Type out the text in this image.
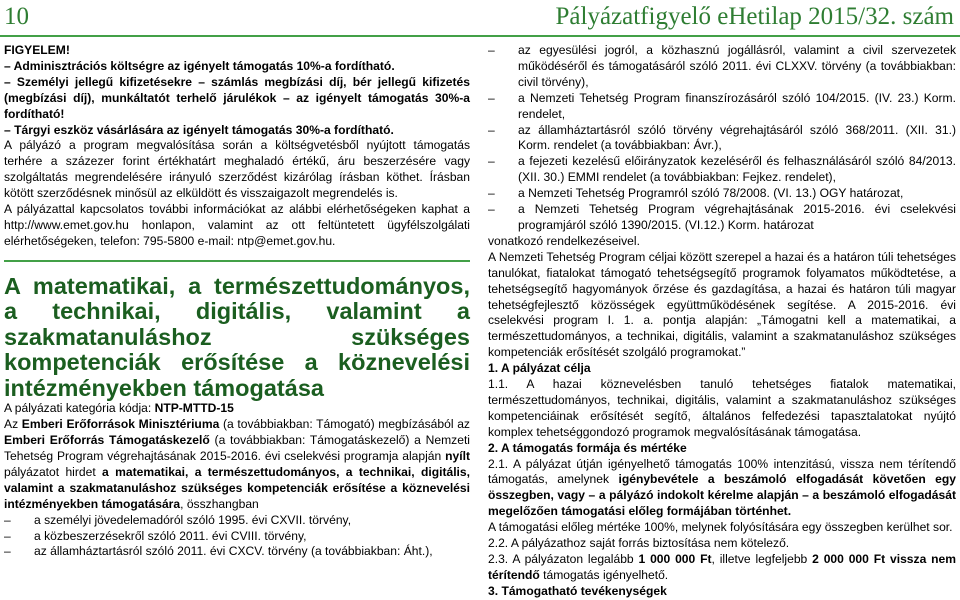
10	Pályázatfigyelő eHetilap 2015/32. szám

FIGYELEM!

– Adminisztrációs költségre az igényelt támogatás 10%-a fordítható.

– Személyi jellegű kifizetésekre – számlás megbízási díj, bér jellegű kifizetés (megbízási díj), munkáltatót terhelő járulékok – az igényelt támogatás 30%-a fordítható!

– Tárgyi eszköz vásárlására az igényelt támogatás 30%-a fordítható.

A pályázó a program megvalósítása során a költségvetésből nyújtott támogatás terhére a százezer forint értékhatárt meghaladó értékű, áru beszerzésére vagy szolgáltatás megrendelésére irányuló szerződést kizárólag írásban köthet. Írásban kötött szerződésnek minősül az elküldött és visszaigazolt megrendelés is.

A pályázattal kapcsolatos további információkat az alábbi elérhetőségeken kaphat a http://www.emet.gov.hu honlapon, valamint az ott feltüntetett ügyfélszolgálati elérhetőségeken, telefon: 795-5800 e-mail: ntp@emet.gov.hu.

A matematikai, a természettudományos, a technikai, digitális, valamint a szakmatanuláshoz szükséges kompetenciák erősítése a köznevelési intézményekben támogatása

A pályázati kategória kódja: NTP-MTTD-15

Az Emberi Erőforrások Minisztériuma (a továbbiakban: Támogató) megbízásából az Emberi Erőforrás Támogatáskezelő (a továbbiakban: Támogatáskezelő) a Nemzeti Tehetség Program végrehajtásának 2015-2016. évi cselekvési programja alapján nyílt pályázatot hirdet a matematikai, a természettudományos, a technikai, digitális, valamint a szakmatanuláshoz szükséges kompetenciák erősítése a köznevelési intézményekben támogatására, összhangban

– a személyi jövedelemadóról szóló 1995. évi CXVII. törvény,

– a közbeszerzésekről szóló 2011. évi CVIII. törvény,

– az államháztartásról szóló 2011. évi CXCV. törvény (a továbbiakban: Áht.),

– az egyesülési jogról, a közhasznú jogállásról, valamint a civil szervezetek működéséről és támogatásáról szóló 2011. évi CLXXV. törvény (a továbbiakban: civil törvény),

– a Nemzeti Tehetség Program finanszírozásáról szóló 104/2015. (IV. 23.) Korm. rendelet,

– az államháztartásról szóló törvény végrehajtásáról szóló 368/2011. (XII. 31.) Korm. rendelet (a továbbiakban: Ávr.),

– a fejezeti kezelésű előirányzatok kezeléséről és felhasználásáról szóló 84/2013. (XII. 30.) EMMI rendelet (a továbbiakban: Fejkez. rendelet),

– a Nemzeti Tehetség Programról szóló 78/2008. (VI. 13.) OGY határozat,

– a Nemzeti Tehetség Program végrehajtásának 2015-2016. évi cselekvési programjáról szóló 1390/2015. (VI.12.) Korm. határozat

vonatkozó rendelkezéseivel.

A Nemzeti Tehetség Program céljai között szerepel a hazai és a határon túli tehetséges tanulókat, fiatalokat támogató tehetségsegítő programok folyamatos működtetése, a tehetségsegítő hagyományok őrzése és gazdagítása, a hazai és határon túli magyar tehetségfejlesztő közösségek együttműködésének segítése. A 2015-2016. évi cselekvési program I. 1. a. pontja alapján: „Támogatni kell a matematikai, a természettudományos, a technikai, digitális, valamint a szakmatanuláshoz szükséges kompetenciák erősítését szolgáló programokat.”

1. A pályázat célja

1.1. A hazai köznevelésben tanuló tehetséges fiatalok matematikai, természettudományos, technikai, digitális, valamint a szakmatanuláshoz szükséges kompetenciáinak erősítését segítő, általános felfedezési tapasztalatokat nyújtó komplex tehetséggondozó programok megvalósításának támogatása.

2. A támogatás formája és mértéke

2.1. A pályázat útján igényelhető támogatás 100% intenzitású, vissza nem térítendő támogatás, amelynek igénybevétele a beszámoló elfogadását követően egy összegben, vagy – a pályázó indokolt kérelme alapján – a beszámoló elfogadását megelőzően támogatási előleg formájában történhet.

A támogatási előleg mértéke 100%, melynek folyósítására egy összegben kerülhet sor.

2.2. A pályázathoz saját forrás biztosítása nem kötelező.

2.3. A pályázaton legalább 1 000 000 Ft, illetve legfeljebb 2 000 000 Ft vissza nem térítendő támogatás igényelhető.

3. Támogatható tevékenységek
